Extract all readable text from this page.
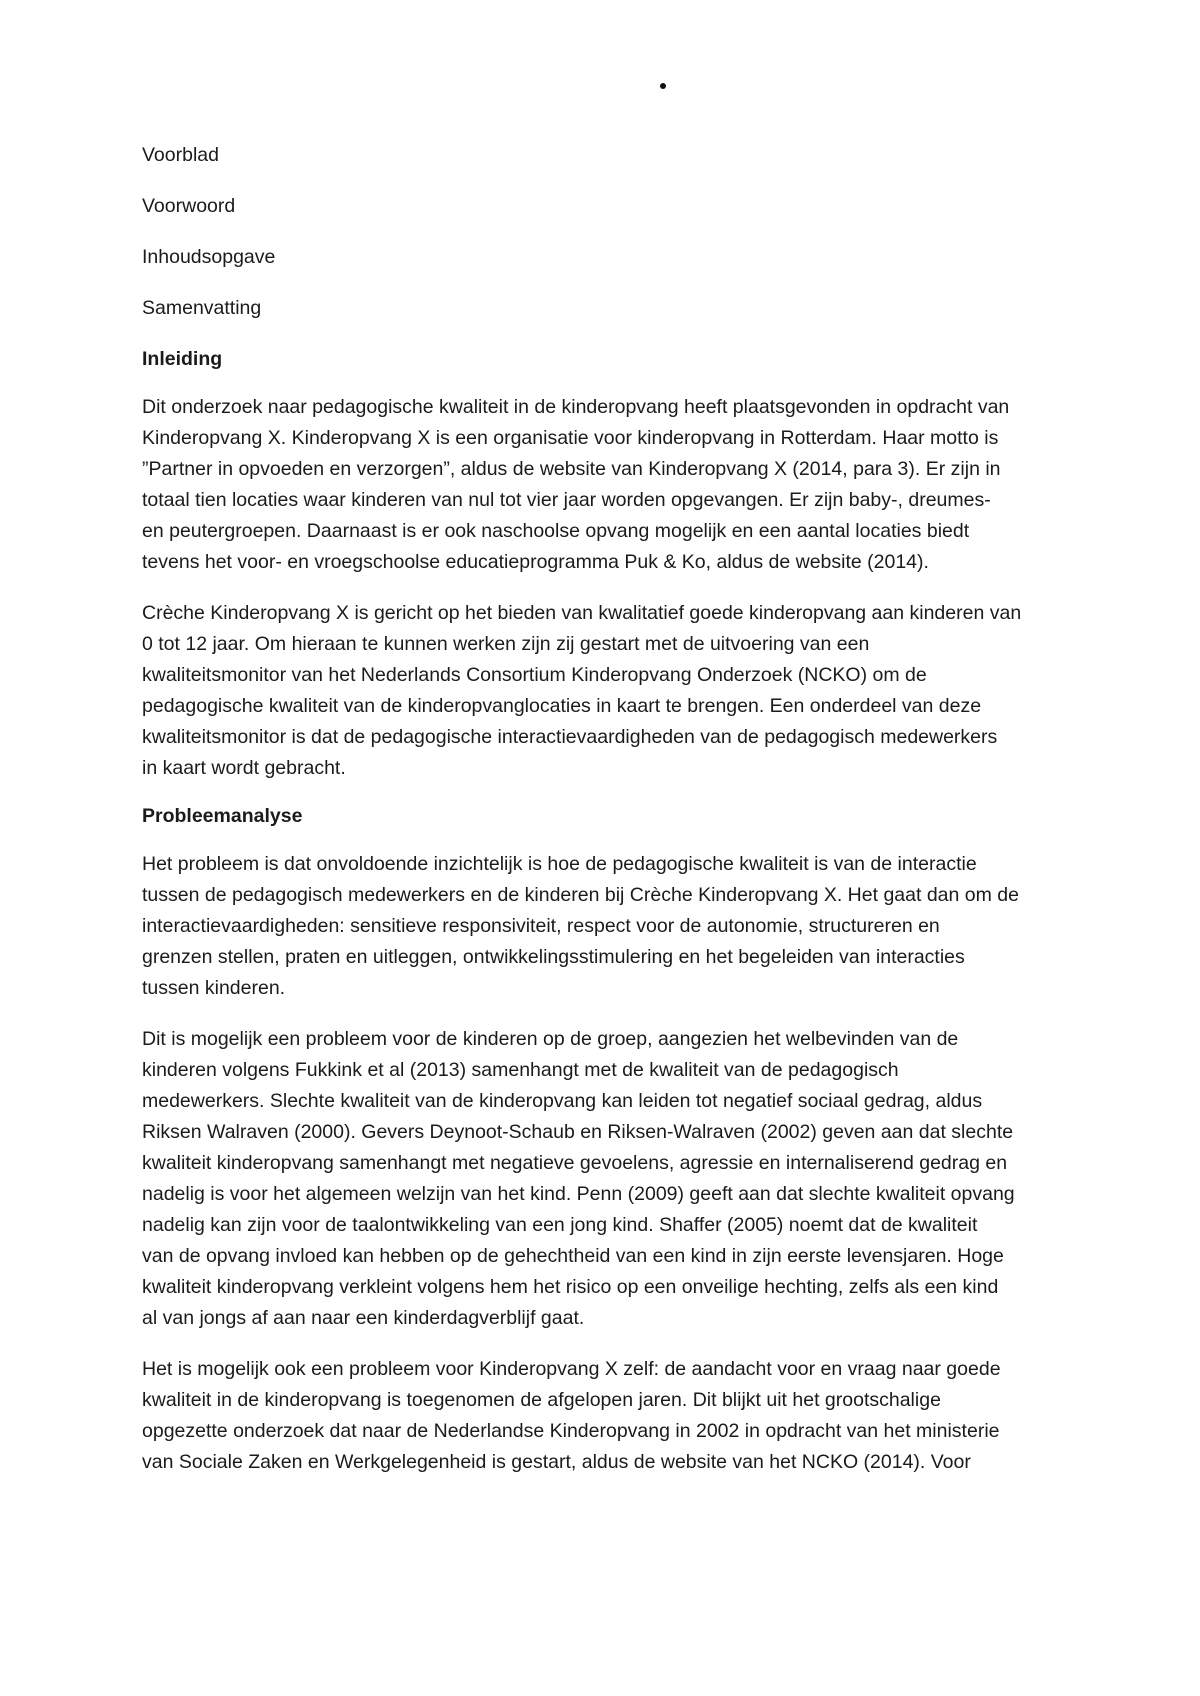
Voorblad
Voorwoord
Inhoudsopgave
Samenvatting
Inleiding
Dit onderzoek naar pedagogische kwaliteit in de kinderopvang heeft plaatsgevonden in opdracht van
Kinderopvang X. Kinderopvang X is een organisatie voor kinderopvang in Rotterdam. Haar motto is
”Partner in opvoeden en verzorgen”, aldus de website van Kinderopvang X (2014, para 3). Er zijn in
totaal tien locaties waar kinderen van nul tot vier jaar worden opgevangen. Er zijn baby-, dreumes-
en peutergroepen. Daarnaast is er ook naschoolse opvang mogelijk en een aantal locaties biedt
tevens het voor- en vroegschoolse educatieprogramma Puk & Ko, aldus de website (2014).
Crèche Kinderopvang X is gericht op het bieden van kwalitatief goede kinderopvang aan kinderen van
0 tot 12 jaar. Om hieraan te kunnen werken zijn zij gestart met de uitvoering van een
kwaliteitsmonitor van het Nederlands Consortium Kinderopvang Onderzoek (NCKO) om de
pedagogische kwaliteit van de kinderopvanglocaties in kaart te brengen. Een onderdeel van deze
kwaliteitsmonitor is dat de pedagogische interactievaardigheden van de pedagogisch medewerkers
in kaart wordt gebracht.
Probleemanalyse
Het probleem is dat onvoldoende inzichtelijk is hoe de pedagogische kwaliteit is van de interactie
tussen de pedagogisch medewerkers en de kinderen bij Crèche Kinderopvang X. Het gaat dan om de
interactievaardigheden: sensitieve responsiviteit, respect voor de autonomie, structureren en
grenzen stellen, praten en uitleggen, ontwikkelingsstimulering en het begeleiden van interacties
tussen kinderen.
Dit is mogelijk een probleem voor de kinderen op de groep, aangezien het welbevinden van de
kinderen volgens Fukkink et al (2013) samenhangt met de kwaliteit van de pedagogisch
medewerkers. Slechte kwaliteit van de kinderopvang kan leiden tot negatief sociaal gedrag, aldus
Riksen Walraven (2000). Gevers Deynoot-Schaub en Riksen-Walraven (2002) geven aan dat slechte
kwaliteit kinderopvang samenhangt met negatieve gevoelens, agressie en internaliserend gedrag en
nadelig is voor het algemeen welzijn van het kind. Penn (2009) geeft aan dat slechte kwaliteit opvang
nadelig kan zijn voor de taalontwikkeling van een jong kind. Shaffer (2005) noemt dat de kwaliteit
van de opvang invloed kan hebben op de gehechtheid van een kind in zijn eerste levensjaren. Hoge
kwaliteit kinderopvang verkleint volgens hem het risico op een onveilige hechting, zelfs als een kind
al van jongs af aan naar een kinderdagverblijf gaat.
Het is mogelijk ook een probleem voor Kinderopvang X zelf: de aandacht voor en vraag naar goede
kwaliteit in de kinderopvang is toegenomen de afgelopen jaren. Dit blijkt uit het grootschalige
opgezette onderzoek dat naar de Nederlandse Kinderopvang in 2002 in opdracht van het ministerie
van Sociale Zaken en Werkgelegenheid is gestart, aldus de website van het NCKO (2014). Voor
